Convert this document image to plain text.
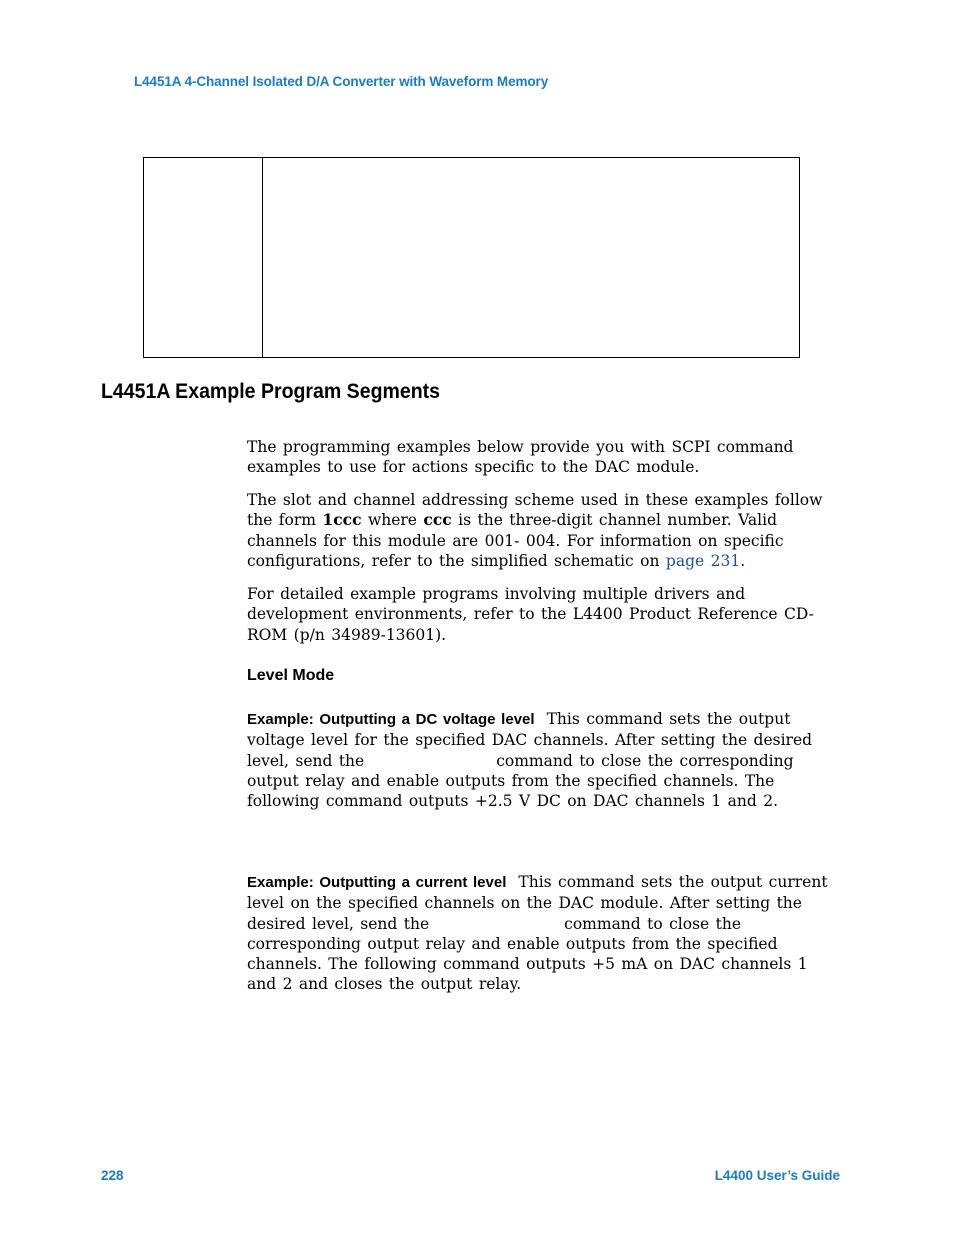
L4451A 4-Channel Isolated D/A Converter with Waveform Memory
L4451A Example Program Segments

The programming examples below provide you with SCPI command examples to use for actions specific to the DAC module.

The slot and channel addressing scheme used in these examples follow the form 1ccc where ccc is the three-digit channel number. Valid channels for this module are 001- 004. For information on specific configurations, refer to the simplified schematic on page 231.

For detailed example programs involving multiple drivers and development environments, refer to the L4400 Product Reference CD-ROM (p/n 34989-13601).

Level Mode

Example: Outputting a DC voltage level This command sets the output voltage level for the specified DAC channels. After setting the desired level, send the	command to close the corresponding output relay and enable outputs from the specified channels. The following command outputs +2.5 V DC on DAC channels 1 and 2.

Example: Outputting a current level This command sets the output current level on the specified channels on the DAC module. After setting the desired level, send the	command to close the corresponding output relay and enable outputs from the specified channels. The following command outputs +5 mA on DAC channels 1 and 2 and closes the output relay.

228	L4400 User’s Guide
